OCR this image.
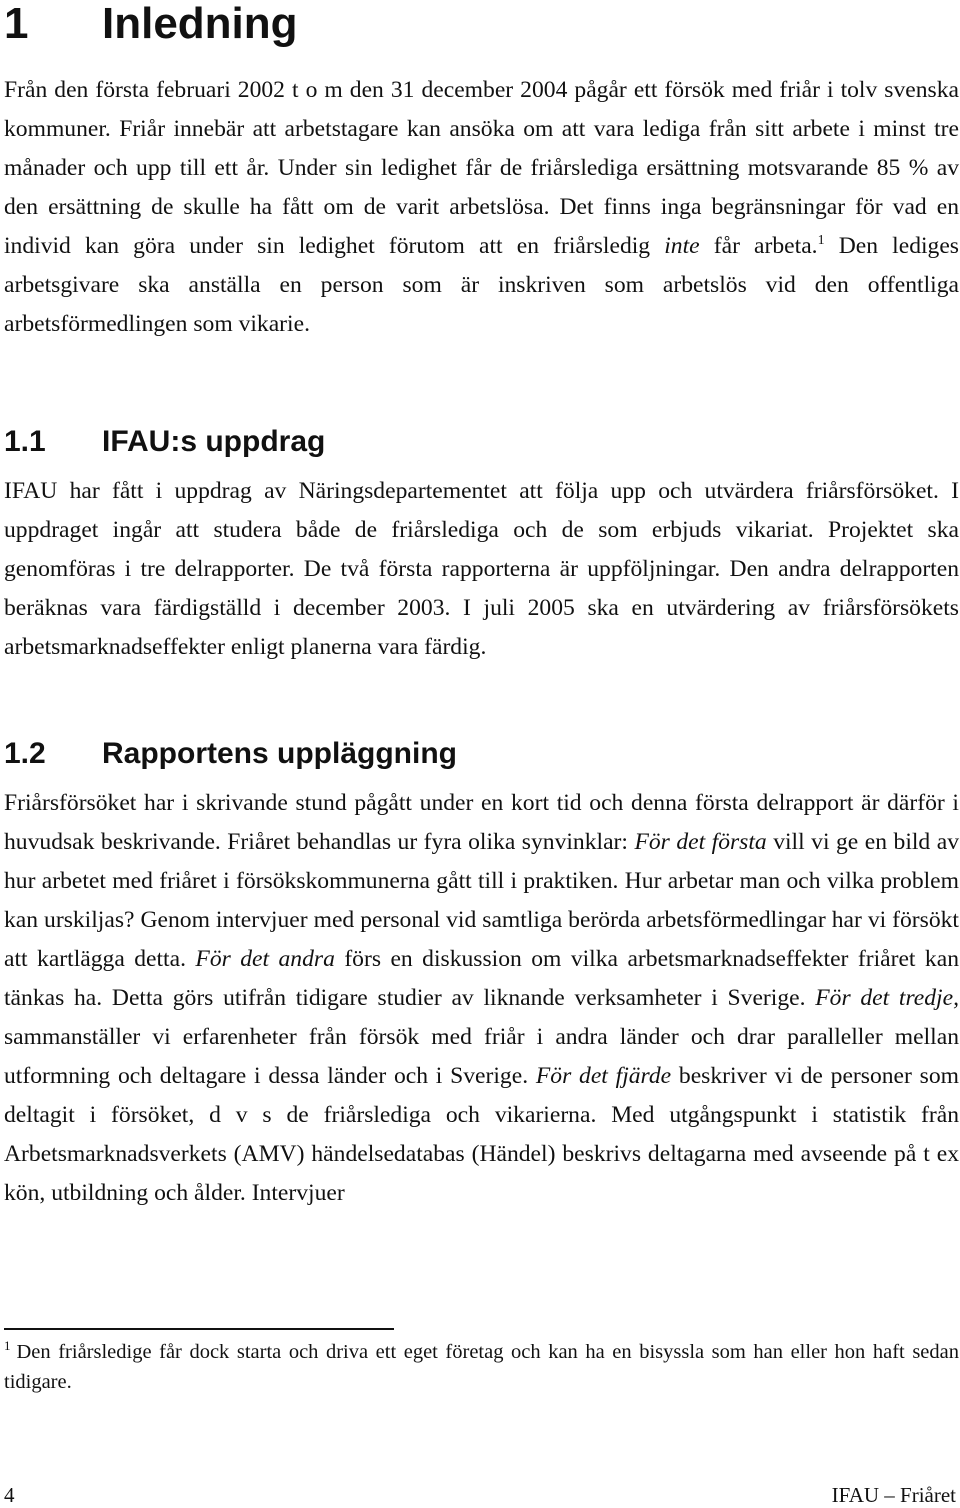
1 Inledning

Från den första februari 2002 t o m den 31 december 2004 pågår ett försök med friår i tolv svenska kommuner. Friår innebär att arbetstagare kan ansöka om att vara lediga från sitt arbete i minst tre månader och upp till ett år. Under sin ledighet får de friårslediga ersättning motsvarande 85 % av den ersättning de skulle ha fått om de varit arbetslösa. Det finns inga begränsningar för vad en individ kan göra under sin ledighet förutom att en friårsledig inte får arbeta.$^1$ Den lediges arbetsgivare ska anställa en person som är inskriven som arbetslös vid den offentliga arbetsförmedlingen som vikarie.

1.1 IFAU:s uppdrag

IFAU har fått i uppdrag av Näringsdepartementet att följa upp och utvärdera friårsförsöket. I uppdraget ingår att studera både de friårslediga och de som erbjuds vikariat. Projektet ska genomföras i tre delrapporter. De två första rapporterna är uppföljningar. Den andra delrapporten beräknas vara färdigställd i december 2003. I juli 2005 ska en utvärdering av friårsförsökets arbetsmarknadseffekter enligt planerna vara färdig.

1.2 Rapportens uppläggning

Friårsförsöket har i skrivande stund pågått under en kort tid och denna första delrapport är därför i huvudsak beskrivande. Friåret behandlas ur fyra olika synvinklar: För det första vill vi ge en bild av hur arbetet med friåret i försökskommunerna gått till i praktiken. Hur arbetar man och vilka problem kan urskiljas? Genom intervjuer med personal vid samtliga berörda arbetsförmedlingar har vi försökt att kartlägga detta. För det andra förs en diskussion om vilka arbetsmarknadseffekter friåret kan tänkas ha. Detta görs utifrån tidigare studier av liknande verksamheter i Sverige. För det tredje, sammanställer vi erfarenheter från försök med friår i andra länder och drar paralleller mellan utformning och deltagare i dessa länder och i Sverige. För det fjärde beskriver vi de personer som deltagit i försöket, d v s de friårslediga och vikarierna. Med utgångspunkt i statistik från Arbetsmarknadsverkets (AMV) händelsedatabas (Händel) beskrivs deltagarna med avseende på t ex kön, utbildning och ålder. Intervjuer

$^1$ Den friårsledige får dock starta och driva ett eget företag och kan ha en bisyssla som han eller hon haft sedan tidigare.

4	IFAU – Friåret
